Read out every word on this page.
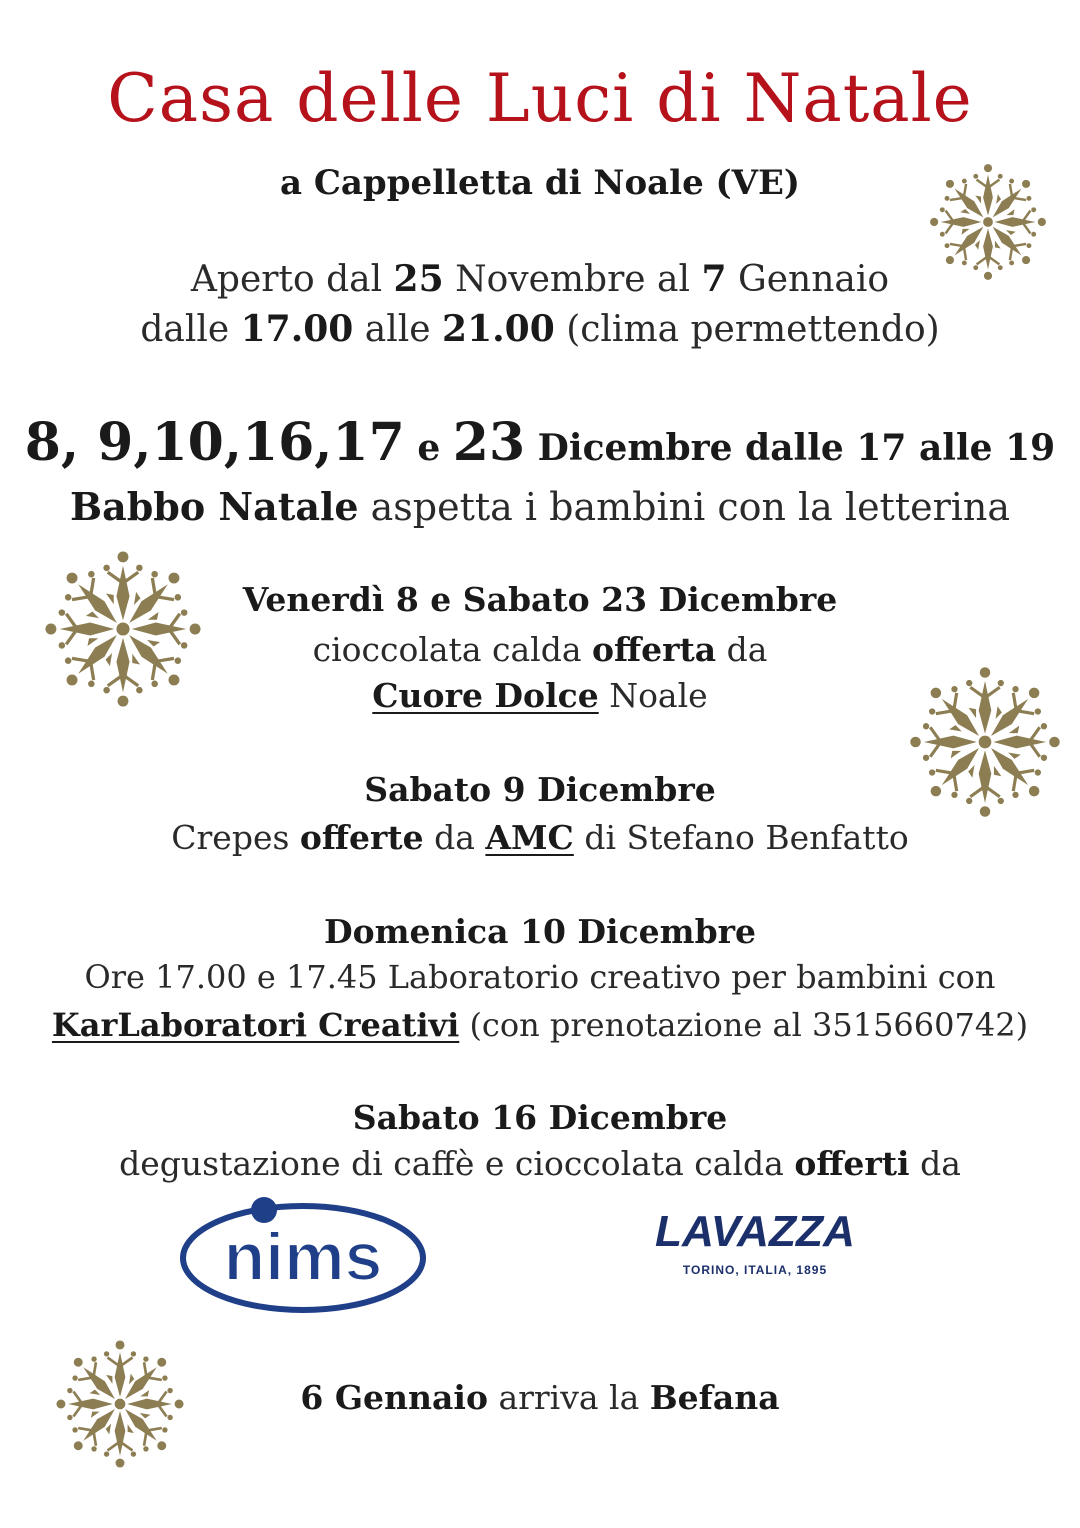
Casa delle Luci di Natale
a Cappelletta di Noale (VE)
Aperto dal 25 Novembre al 7 Gennaio
dalle 17.00 alle 21.00 (clima permettendo)
8, 9,10,16,17 e 23 Dicembre dalle 17 alle 19
Babbo Natale aspetta i bambini con la letterina
Venerdì 8 e Sabato 23 Dicembre
cioccolata calda offerta da
Cuore Dolce Noale
Sabato 9 Dicembre
Crepes offerte da AMC di Stefano Benfatto
Domenica 10 Dicembre
Ore 17.00 e 17.45 Laboratorio creativo per bambini con
KarLaboratori Creativi (con prenotazione al 3515660742)
Sabato 16 Dicembre
degustazione di caffè e cioccolata calda offerti da
nims	LAVAZZA
TORINO, ITALIA, 1895
6 Gennaio arriva la Befana
